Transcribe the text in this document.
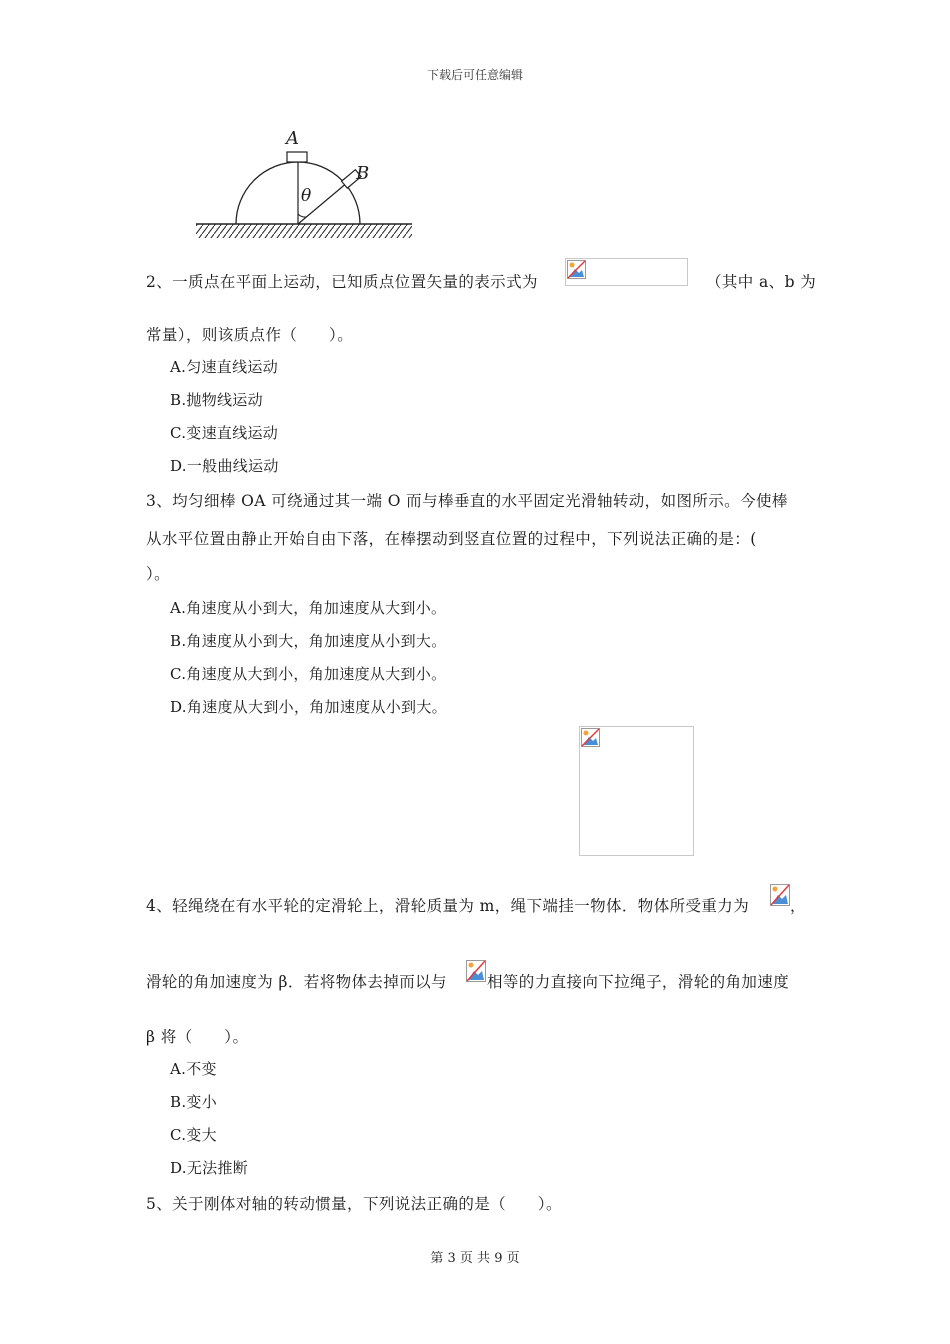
下载后可任意编辑
A
B
θ
2、一质点在平面上运动，已知质点位置矢量的表示式为	（其中 a、b 为
常量），则该质点作（　　）。
A.匀速直线运动
B.抛物线运动
C.变速直线运动
D.一般曲线运动
3、均匀细棒 OA 可绕通过其一端 O 而与棒垂直的水平固定光滑轴转动，如图所示。今使棒
从水平位置由静止开始自由下落，在棒摆动到竖直位置的过程中，下列说法正确的是：(
）。
A.角速度从小到大，角加速度从大到小。
B.角速度从小到大，角加速度从小到大。
C.角速度从大到小，角加速度从大到小。
D.角速度从大到小，角加速度从小到大。
4、轻绳绕在有水平轮的定滑轮上，滑轮质量为 m，绳下端挂一物体．物体所受重力为	，
滑轮的角加速度为 β．若将物体去掉而以与	相等的力直接向下拉绳子，滑轮的角加速度
β 将（　　）。
A.不变
B.变小
C.变大
D.无法推断
5、关于刚体对轴的转动惯量，下列说法正确的是（　　）。
第 3 页 共 9 页
